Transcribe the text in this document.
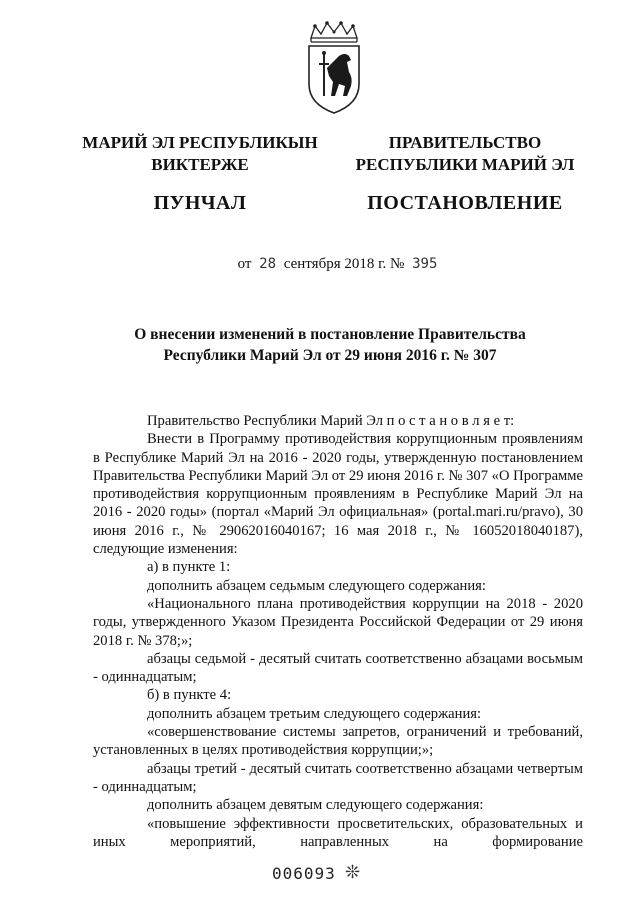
МАРИЙ ЭЛ РЕСПУБЛИКЫН
ВИКТЕРЖЕ
ПУНЧАЛ
ПРАВИТЕЛЬСТВО
РЕСПУБЛИКИ МАРИЙ ЭЛ
ПОСТАНОВЛЕНИЕ
от 28 сентября 2018 г. № 395
О внесении изменений в постановление Правительства
Республики Марий Эл от 29 июня 2016 г. № 307

Правительство Республики Марий Эл п о с т а н о в л я е т:

Внести в Программу противодействия коррупционным проявлениям в Республике Марий Эл на 2016 - 2020 годы, утвержденную постановлением Правительства Республики Марий Эл от 29 июня 2016 г. № 307 «О Программе противодействия коррупционным проявлениям в Республике Марий Эл на 2016 - 2020 годы» (портал «Марий Эл официальная» (portal.mari.ru/pravo), 30 июня 2016 г., № 29062016040167; 16 мая 2018 г., № 16052018040187), следующие изменения:

а) в пункте 1:

дополнить абзацем седьмым следующего содержания:

«Национального плана противодействия коррупции на 2018 - 2020 годы, утвержденного Указом Президента Российской Федерации от 29 июня 2018 г. № 378;»;

абзацы седьмой - десятый считать соответственно абзацами восьмым - одиннадцатым;

б) в пункте 4:

дополнить абзацем третьим следующего содержания:

«совершенствование системы запретов, ограничений и требований, установленных в целях противодействия коррупции;»;

абзацы третий - десятый считать соответственно абзацами четвертым - одиннадцатым;

дополнить абзацем девятым следующего содержания:

«повышение эффективности просветительских, образовательных и иных мероприятий, направленных на формирование

006093 ❊
